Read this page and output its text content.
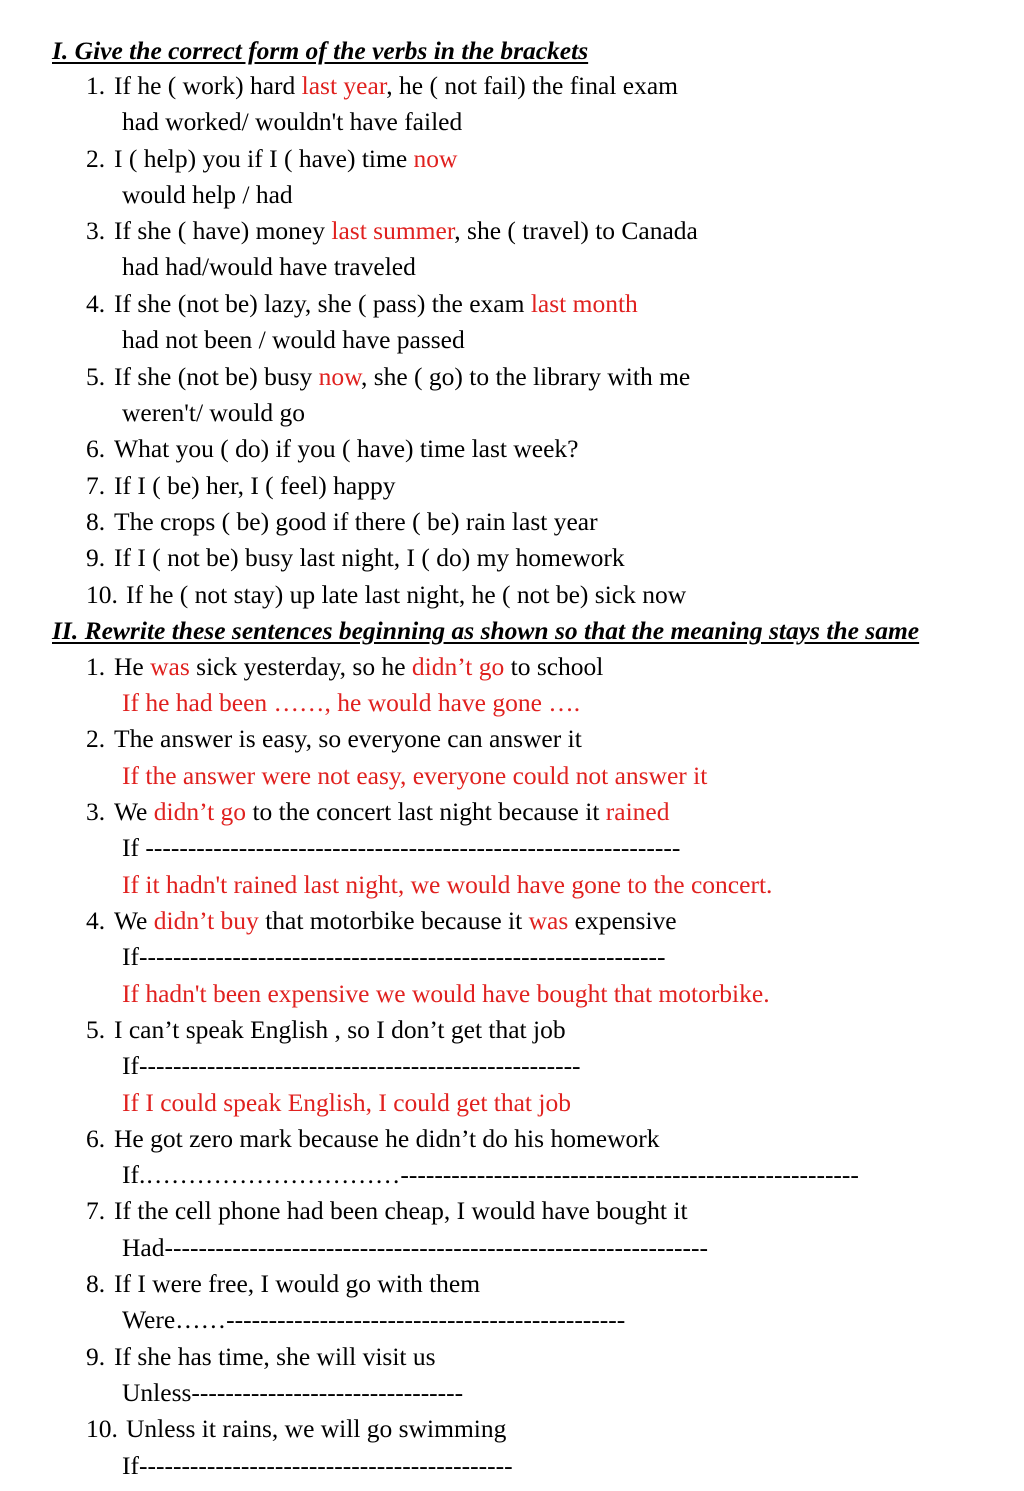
I. Give the correct form of the verbs in the brackets
1. If he ( work) hard last year, he ( not fail) the final exam
had worked/ wouldn't have failed
2. I ( help) you if I ( have) time now
would help / had
3. If she ( have) money last summer, she ( travel) to Canada
had had/would have traveled
4. If she (not be) lazy, she ( pass) the exam last month
had not been / would have passed
5. If she (not be) busy now, she ( go) to the library with me
weren't/ would go
6. What you ( do) if you ( have) time last week?
7. If I ( be) her, I ( feel) happy
8. The crops ( be) good if there ( be) rain last year
9. If I ( not be) busy last night, I ( do) my homework
10. If he ( not stay) up late last night, he ( not be) sick now
II. Rewrite these sentences beginning as shown so that the meaning stays the same
1. He was sick yesterday, so he didn’t go to school
If he had been ……, he would have gone ….
2. The answer is easy, so everyone can answer it
If the answer were not easy, everyone could not answer it
3. We didn’t go to the concert last night because it rained
If ---------------------------------------------------------------
If it hadn't rained last night, we would have gone to the concert.
4. We didn’t buy that motorbike because it was expensive
If--------------------------------------------------------------
If hadn't been expensive we would have bought that motorbike.
5. I can’t speak English , so I don’t get that job
If----------------------------------------------------
If I could speak English, I could get that job
6. He got zero mark because he didn’t do his homework
If.…………………………------------------------------------------------------
7. If the cell phone had been cheap, I would have bought it
Had----------------------------------------------------------------
8. If I were free, I would go with them
Were……-----------------------------------------------
9. If she has time, she will visit us
Unless--------------------------------
10. Unless it rains, we will go swimming
If--------------------------------------------
